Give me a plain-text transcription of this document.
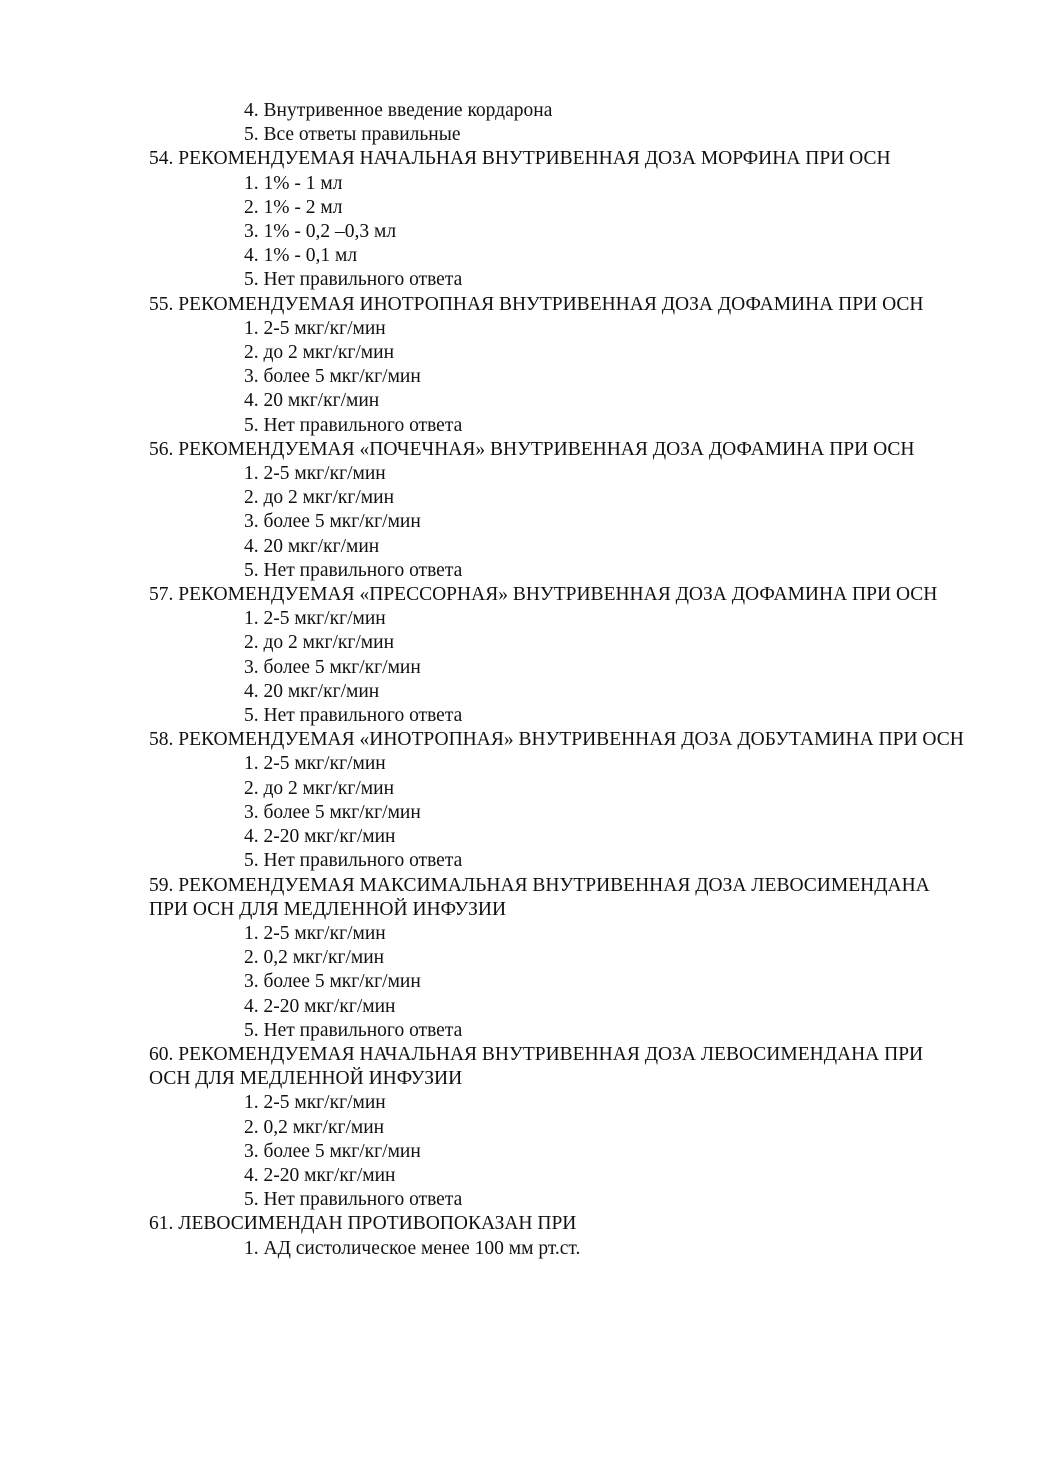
4. Внутривенное введение кордарона
5. Все ответы правильные

54. РЕКОМЕНДУЕМАЯ НАЧАЛЬНАЯ ВНУТРИВЕННАЯ ДОЗА МОРФИНА ПРИ ОСН

1. 1% - 1 мл
2. 1% - 2 мл
3. 1% - 0,2 –0,3 мл
4. 1% - 0,1 мл
5. Нет правильного ответа

55. РЕКОМЕНДУЕМАЯ ИНОТРОПНАЯ ВНУТРИВЕННАЯ ДОЗА ДОФАМИНА ПРИ ОСН

1. 2-5 мкг/кг/мин
2. до 2 мкг/кг/мин
3. более 5 мкг/кг/мин
4. 20 мкг/кг/мин
5. Нет правильного ответа

56. РЕКОМЕНДУЕМАЯ «ПОЧЕЧНАЯ» ВНУТРИВЕННАЯ ДОЗА ДОФАМИНА ПРИ ОСН

1. 2-5 мкг/кг/мин
2. до 2 мкг/кг/мин
3. более 5 мкг/кг/мин
4. 20 мкг/кг/мин
5. Нет правильного ответа

57. РЕКОМЕНДУЕМАЯ «ПРЕССОРНАЯ» ВНУТРИВЕННАЯ ДОЗА ДОФАМИНА ПРИ ОСН

1. 2-5 мкг/кг/мин
2. до 2 мкг/кг/мин
3. более 5 мкг/кг/мин
4. 20 мкг/кг/мин
5. Нет правильного ответа

58. РЕКОМЕНДУЕМАЯ «ИНОТРОПНАЯ» ВНУТРИВЕННАЯ ДОЗА ДОБУТАМИНА ПРИ ОСН

1. 2-5 мкг/кг/мин
2. до 2 мкг/кг/мин
3. более 5 мкг/кг/мин
4. 2-20 мкг/кг/мин
5. Нет правильного ответа

59. РЕКОМЕНДУЕМАЯ МАКСИМАЛЬНАЯ ВНУТРИВЕННАЯ ДОЗА ЛЕВОСИМЕНДАНА ПРИ ОСН ДЛЯ МЕДЛЕННОЙ ИНФУЗИИ

1. 2-5 мкг/кг/мин
2. 0,2 мкг/кг/мин
3. более 5 мкг/кг/мин
4. 2-20 мкг/кг/мин
5. Нет правильного ответа

60. РЕКОМЕНДУЕМАЯ НАЧАЛЬНАЯ ВНУТРИВЕННАЯ ДОЗА ЛЕВОСИМЕНДАНА ПРИ ОСН ДЛЯ МЕДЛЕННОЙ ИНФУЗИИ

1. 2-5 мкг/кг/мин
2. 0,2 мкг/кг/мин
3. более 5 мкг/кг/мин
4. 2-20 мкг/кг/мин
5. Нет правильного ответа

61. ЛЕВОСИМЕНДАН ПРОТИВОПОКАЗАН ПРИ

1. АД систолическое менее 100 мм рт.ст.
